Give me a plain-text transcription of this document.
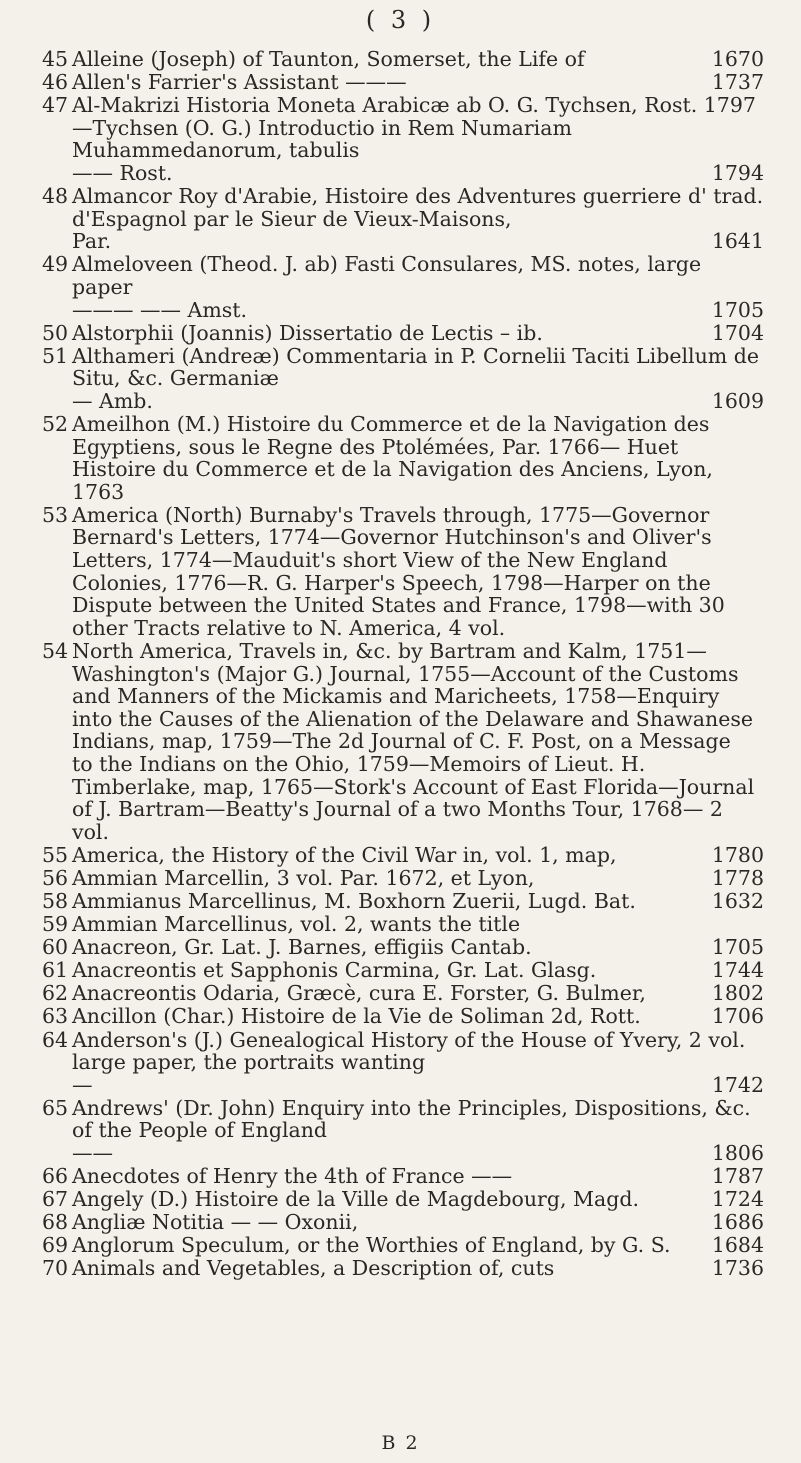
( 3 )
45 Alleine (Joseph) of Taunton, Somerset, the Life of	1670
46 Allen's Farrier's Assistant ———	1737
47 Al-Makrizi Historia Moneta Arabicæ ab O. G. Tychsen, Rost. 1797—Tychsen (O. G.) Introductio in Rem Numariam Muhammedanorum, tabulis
—— Rost.	1794
48 Almancor Roy d'Arabie, Histoire des Adventures guerriere d' trad. d'Espagnol par le Sieur de Vieux-Maisons,
Par.	1641
49 Almeloveen (Theod. J. ab) Fasti Consulares, MS. notes, large paper
——— —— Amst.	1705
50 Alstorphii (Joannis) Dissertatio de Lectis – ib.	1704
51 Althameri (Andreæ) Commentaria in P. Cornelii Taciti Libellum de Situ, &c. Germaniæ
— Amb.	1609
52 Ameilhon (M.) Histoire du Commerce et de la Navigation des Egyptiens, sous le Regne des Ptolémées, Par. 1766— Huet Histoire du Commerce et de la Navigation des Anciens, Lyon, 1763
53 America (North) Burnaby's Travels through, 1775—Governor Bernard's Letters, 1774—Governor Hutchinson's and Oliver's Letters, 1774—Mauduit's short View of the New England Colonies, 1776—R. G. Harper's Speech, 1798—Harper on the Dispute between the United States and France, 1798—with 30 other Tracts relative to N. America, 4 vol.
54 North America, Travels in, &c. by Bartram and Kalm, 1751—Washington's (Major G.) Journal, 1755—Account of the Customs and Manners of the Mickamis and Maricheets, 1758—Enquiry into the Causes of the Alienation of the Delaware and Shawanese Indians, map, 1759—The 2d Journal of C. F. Post, on a Message to the Indians on the Ohio, 1759—Memoirs of Lieut. H. Timberlake, map, 1765—Stork's Account of East Florida—Journal of J. Bartram—Beatty's Journal of a two Months Tour, 1768— 2 vol.
55 America, the History of the Civil War in, vol. 1, map,	1780
56 Ammian Marcellin, 3 vol. Par. 1672, et Lyon,	1778
58 Ammianus Marcellinus, M. Boxhorn Zuerii, Lugd. Bat.	1632
59 Ammian Marcellinus, vol. 2, wants the title
60 Anacreon, Gr. Lat. J. Barnes, effigiis Cantab.	1705
61 Anacreontis et Sapphonis Carmina, Gr. Lat. Glasg.	1744
62 Anacreontis Odaria, Græcè, cura E. Forster, G. Bulmer,	1802
63 Ancillon (Char.) Histoire de la Vie de Soliman 2d, Rott.	1706
64 Anderson's (J.) Genealogical History of the House of Yvery, 2 vol. large paper, the portraits wanting
—	1742
65 Andrews' (Dr. John) Enquiry into the Principles, Dispositions, &c. of the People of England
——	1806
66 Anecdotes of Henry the 4th of France ——	1787
67 Angely (D.) Histoire de la Ville de Magdebourg, Magd.	1724
68 Angliæ Notitia — — Oxonii,	1686
69 Anglorum Speculum, or the Worthies of England, by G. S.	1684
70 Animals and Vegetables, a Description of, cuts	1736
B 2
